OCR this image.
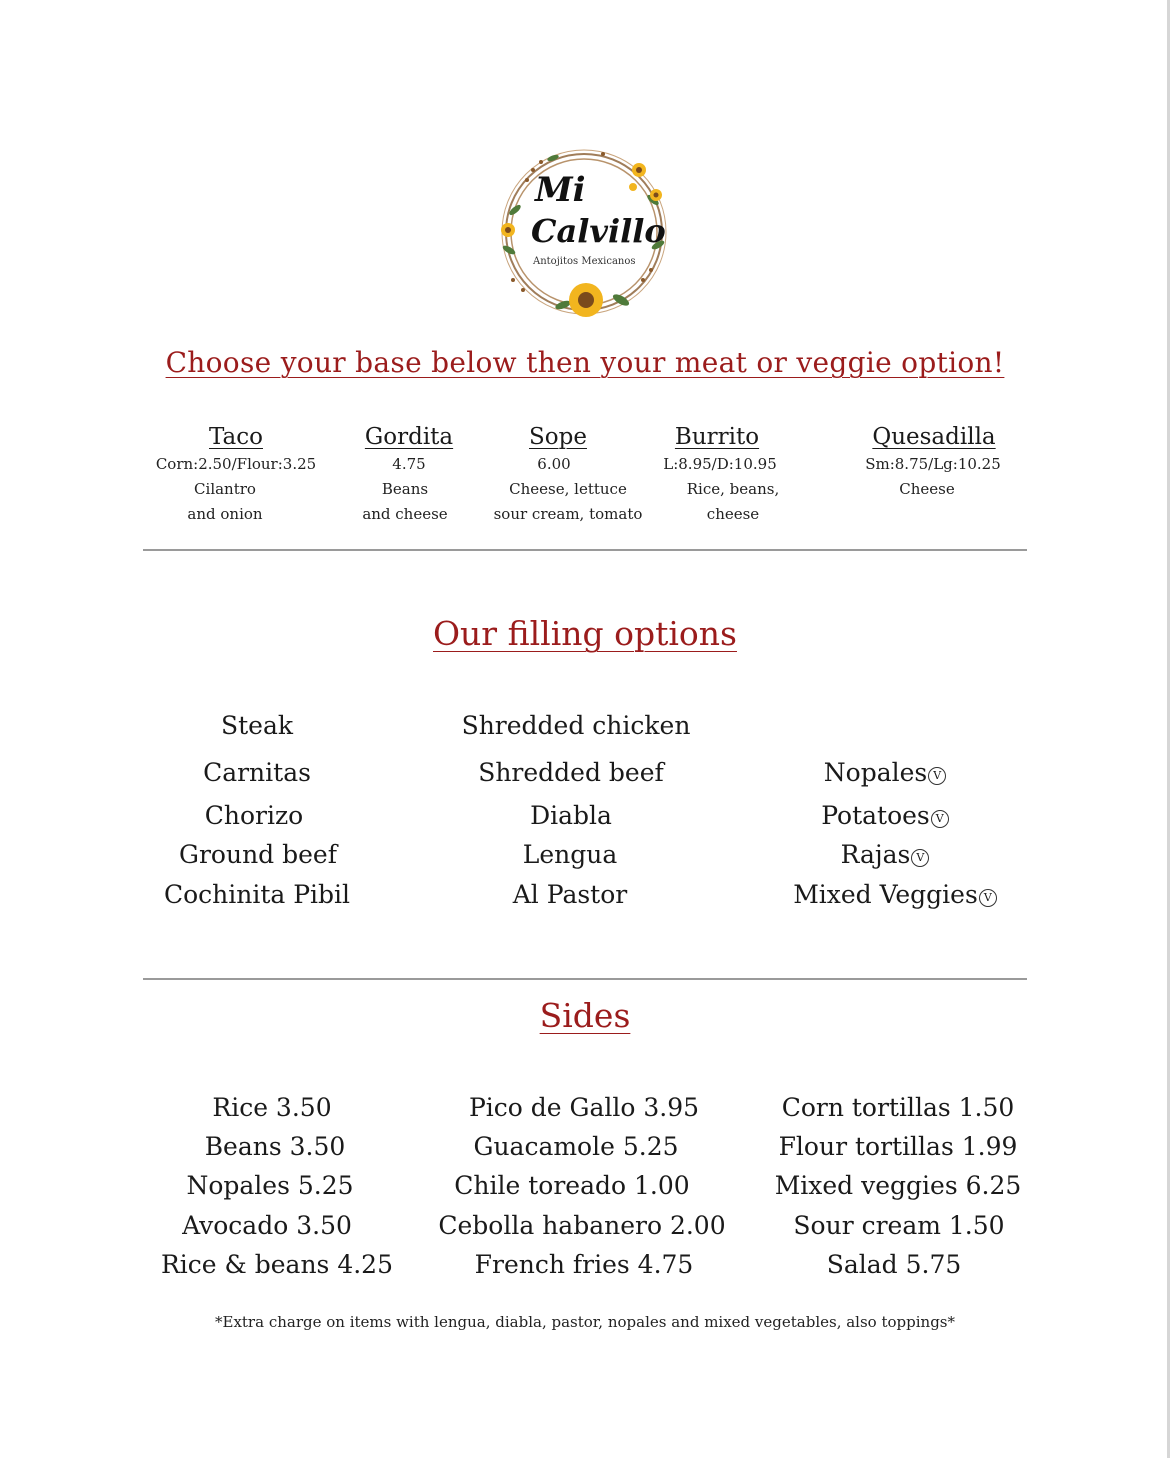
Mi
Calvillo
Antojitos Mexicanos
Choose your base below then your meat or veggie option!
Taco
Corn:2.50/Flour:3.25
Cilantro
and onion
Gordita
4.75
Beans
and cheese
Sope
6.00
Cheese, lettuce
sour cream, tomato
Burrito
L:8.95/D:10.95
Rice, beans,
cheese
Quesadilla
Sm:8.75/Lg:10.25
Cheese
Our filling options
Steak
Carnitas
Chorizo
Ground beef
Cochinita Pibil
Shredded chicken
Shredded beef
Diabla
Lengua
Al Pastor
Nopales V
Potatoes V
Rajas V
Mixed Veggies V
Sides
Rice 3.50
Beans 3.50
Nopales 5.25
Avocado 3.50
Rice & beans 4.25
Pico de Gallo 3.95
Guacamole 5.25
Chile toreado 1.00
Cebolla habanero 2.00
French fries 4.75
Corn tortillas 1.50
Flour tortillas 1.99
Mixed veggies 6.25
Sour cream 1.50
Salad 5.75
*Extra charge on items with lengua, diabla, pastor, nopales and mixed vegetables, also toppings*
